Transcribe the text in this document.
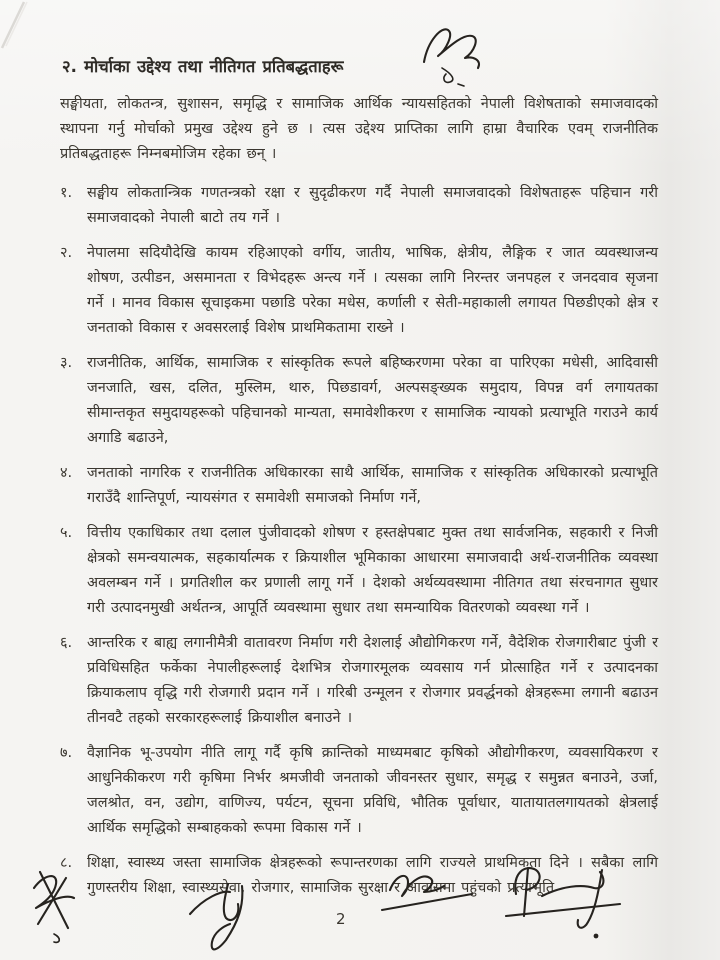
२. मोर्चाका उद्देश्य तथा नीतिगत प्रतिबद्धताहरू

सङ्घीयता, लोकतन्त्र, सुशासन, समृद्धि र सामाजिक आर्थिक न्यायसहितको नेपाली विशेषताको समाजवादको स्थापना गर्नु मोर्चाको प्रमुख उद्देश्य हुने छ । त्यस उद्देश्य प्राप्तिका लागि हाम्रा वैचारिक एवम् राजनीतिक प्रतिबद्धताहरू निम्नबमोजिम रहेका छन् ।

१.	सङ्घीय लोकतान्त्रिक गणतन्त्रको रक्षा र सुदृढीकरण गर्दै नेपाली समाजवादको विशेषताहरू पहिचान गरी समाजवादको नेपाली बाटो तय गर्ने ।
२.	नेपालमा सदियौदेखि कायम रहिआएको वर्गीय, जातीय, भाषिक, क्षेत्रीय, लैङ्गिक र जात व्यवस्थाजन्य शोषण, उत्पीडन, असमानता र विभेदहरू अन्त्य गर्ने । त्यसका लागि निरन्तर जनपहल र जनदवाव सृजना गर्ने । मानव विकास सूचाइकमा पछाडि परेका मधेस, कर्णाली र सेती-महाकाली लगायत पिछडीएको क्षेत्र र जनताको विकास र अवसरलाई विशेष प्राथमिकतामा राख्ने ।
३.	राजनीतिक, आर्थिक, सामाजिक र सांस्कृतिक रूपले बहिष्करणमा परेका वा पारिएका मधेसी, आदिवासी जनजाति, खस, दलित, मुस्लिम, थारु, पिछडावर्ग, अल्पसङ्ख्यक समुदाय, विपन्न वर्ग लगायतका सीमान्तकृत समुदायहरूको पहिचानको मान्यता, समावेशीकरण र सामाजिक न्यायको प्रत्याभूति गराउने कार्य अगाडि बढाउने,
४.	जनताको नागरिक र राजनीतिक अधिकारका साथै आर्थिक, सामाजिक र सांस्कृतिक अधिकारको प्रत्याभूति गराउँदै शान्तिपूर्ण, न्यायसंगत र समावेशी समाजको निर्माण गर्ने,
५.	वित्तीय एकाधिकार तथा दलाल पुंजीवादको शोषण र हस्तक्षेपबाट मुक्त तथा सार्वजनिक, सहकारी र निजी क्षेत्रको समन्वयात्मक, सहकार्यात्मक र क्रियाशील भूमिकाका आधारमा समाजवादी अर्थ-राजनीतिक व्यवस्था अवलम्बन गर्ने । प्रगतिशील कर प्रणाली लागू गर्ने । देशको अर्थव्यवस्थामा नीतिगत तथा संरचनागत सुधार गरी उत्पादनमुखी अर्थतन्त्र, आपूर्ति व्यवस्थामा सुधार तथा समन्यायिक वितरणको व्यवस्था गर्ने ।
६.	आन्तरिक र बाह्य लगानीमैत्री वातावरण निर्माण गरी देशलाई औद्योगिकरण गर्ने, वैदेशिक रोजगारीबाट पुंजी र प्रविधिसहित फर्केका नेपालीहरूलाई देशभित्र रोजगारमूलक व्यवसाय गर्न प्रोत्साहित गर्ने र उत्पादनका क्रियाकलाप वृद्धि गरी रोजगारी प्रदान गर्ने । गरिबी उन्मूलन र रोजगार प्रवर्द्धनको क्षेत्रहरूमा लगानी बढाउन तीनवटै तहको सरकारहरूलाई क्रियाशील बनाउने ।
७.	वैज्ञानिक भू-उपयोग नीति लागू गर्दै कृषि क्रान्तिको माध्यमबाट कृषिको औद्योगीकरण, व्यवसायिकरण र आधुनिकीकरण गरी कृषिमा निर्भर श्रमजीवी जनताको जीवनस्तर सुधार, समृद्ध र समुन्नत बनाउने, उर्जा, जलश्रोत, वन, उद्योग, वाणिज्य, पर्यटन, सूचना प्रविधि, भौतिक पूर्वाधार, यातायातलगायतको क्षेत्रलाई आर्थिक समृद्धिको सम्बाहकको रूपमा विकास गर्ने ।
८.	शिक्षा, स्वास्थ्य जस्ता सामाजिक क्षेत्रहरूको रूपान्तरणका लागि राज्यले प्राथमिकता दिने । सबैका लागि गुणस्तरीय शिक्षा, स्वास्थ्यसेवा, रोजगार, सामाजिक सुरक्षा र आवासमा पहुंचको प्रत्याभूति
2
